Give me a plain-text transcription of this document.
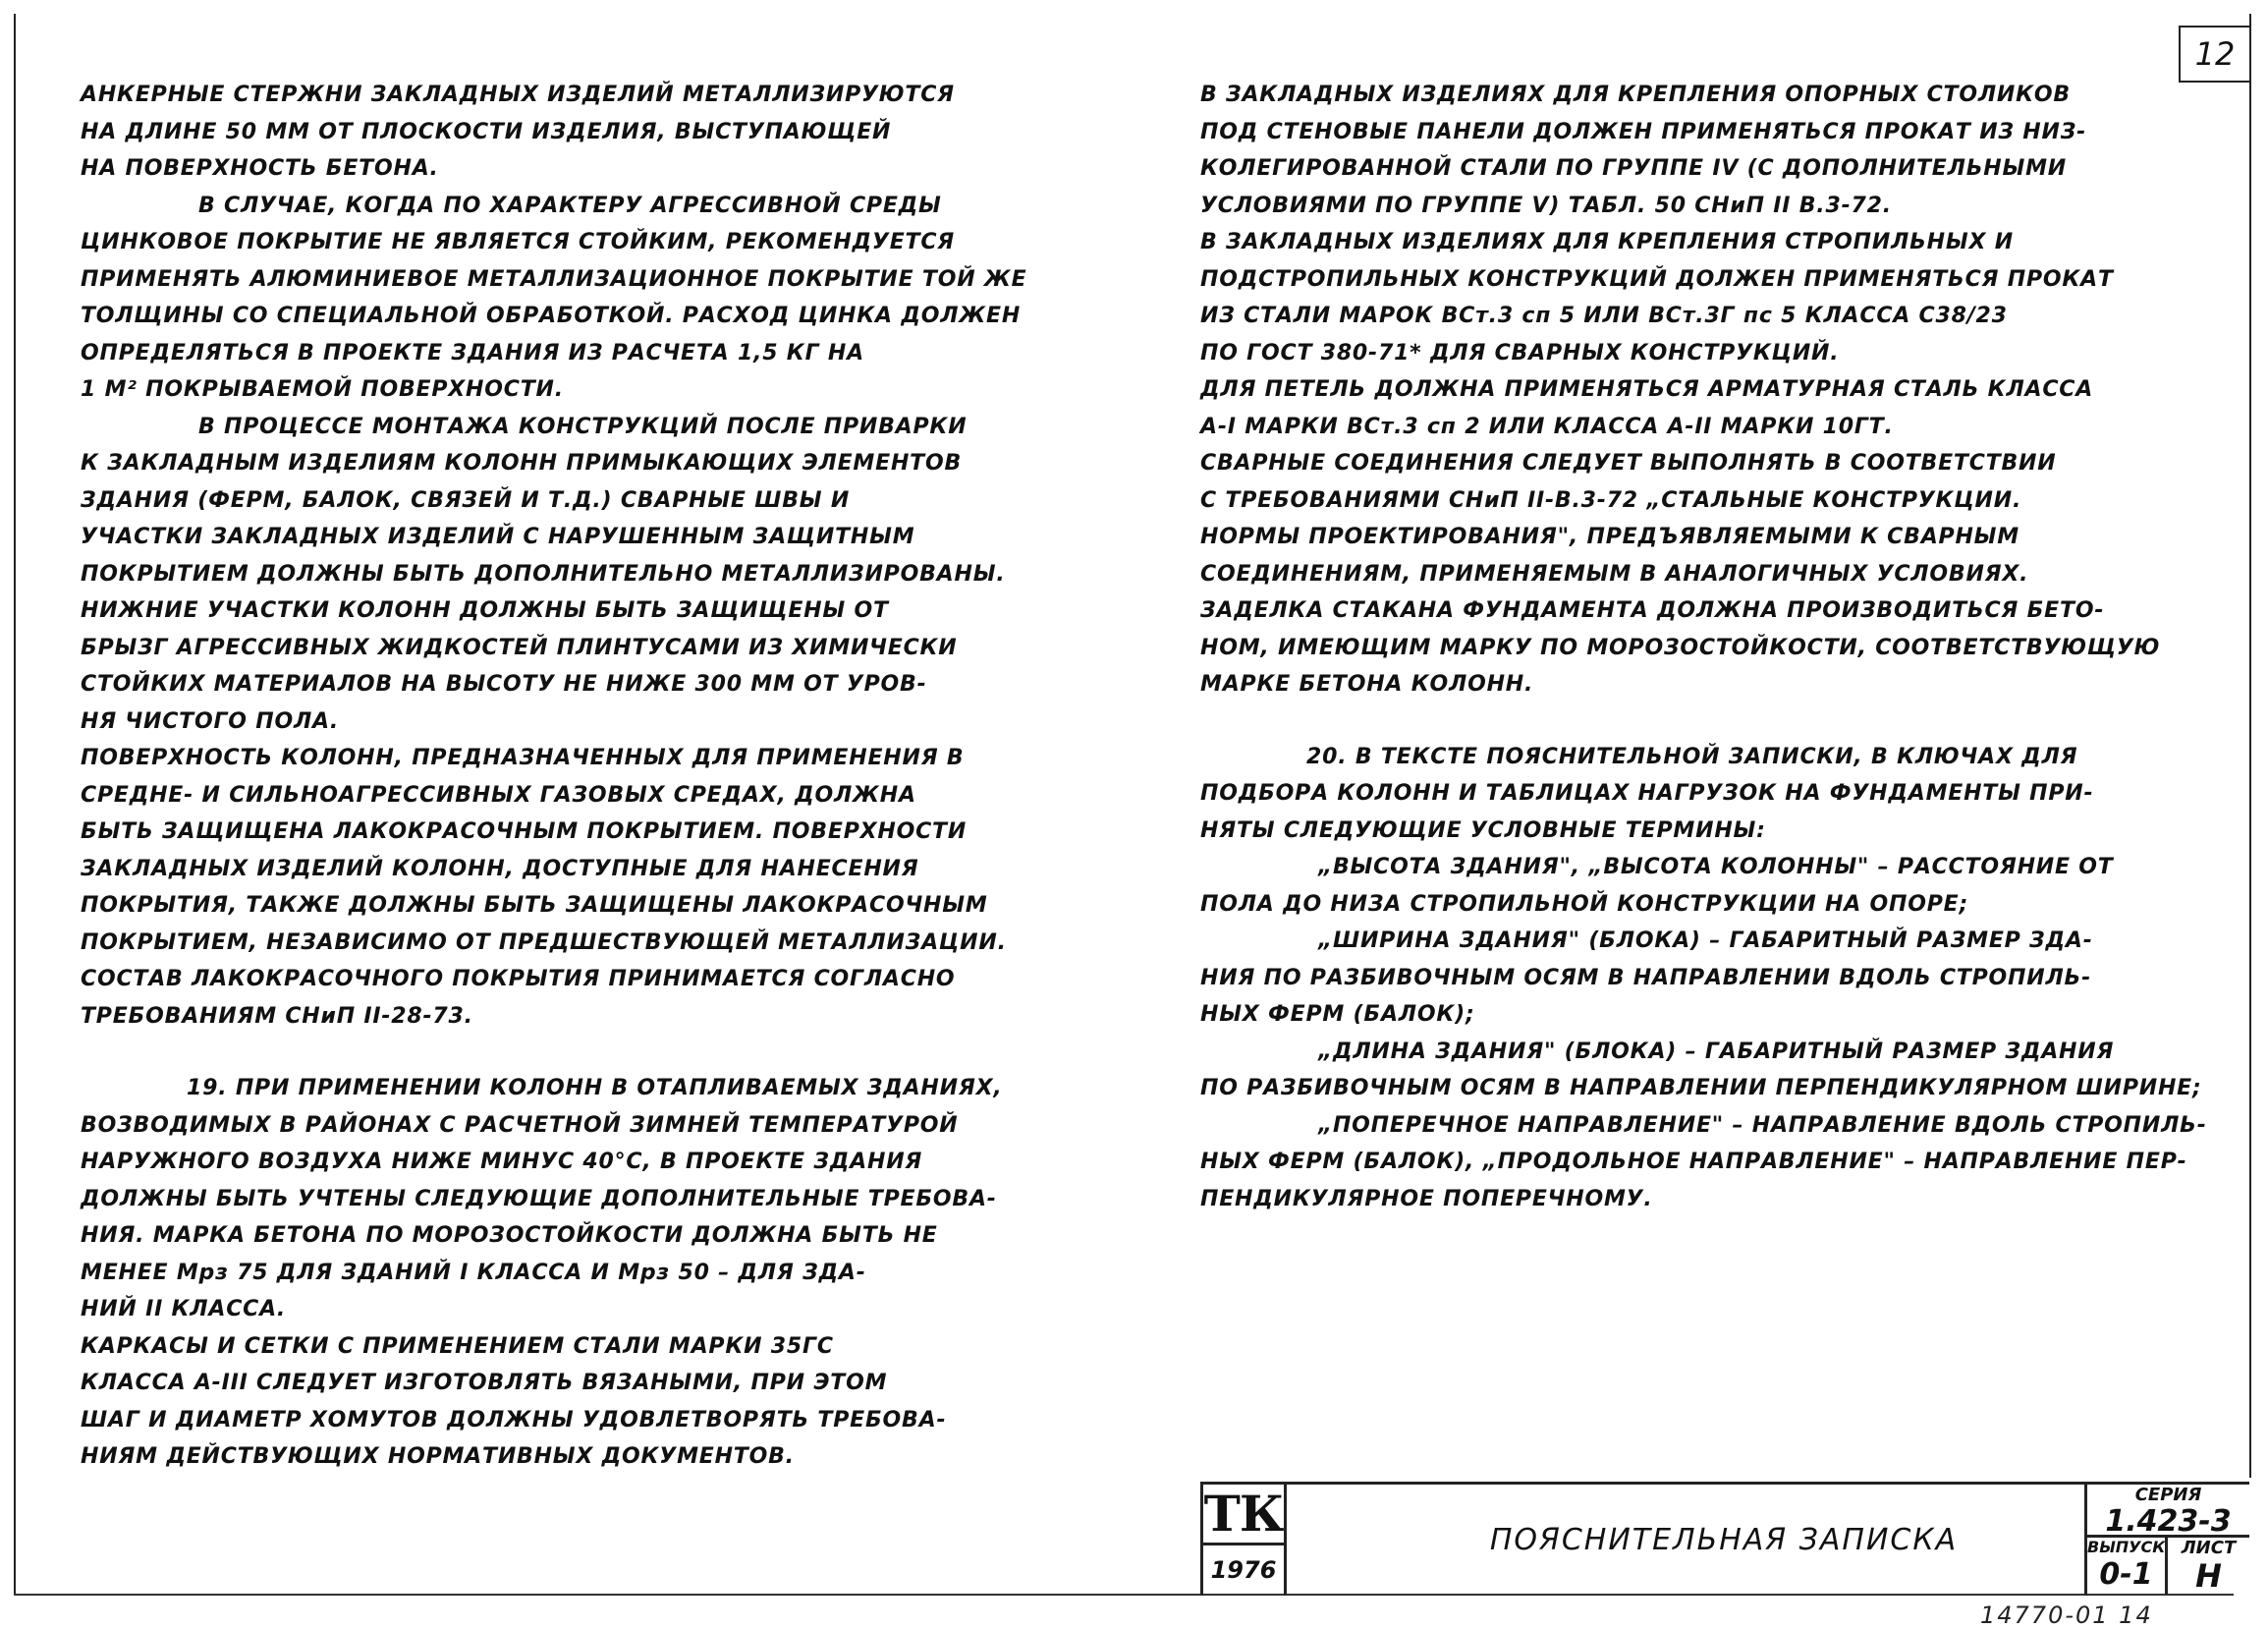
12
АНКЕРНЫЕ СТЕРЖНИ ЗАКЛАДНЫХ ИЗДЕЛИЙ МЕТАЛЛИЗИРУЮТСЯ
НА ДЛИНЕ 50 ММ ОТ ПЛОСКОСТИ ИЗДЕЛИЯ, ВЫСТУПАЮЩЕЙ
НА ПОВЕРХНОСТЬ БЕТОНА.
В СЛУЧАЕ, КОГДА ПО ХАРАКТЕРУ АГРЕССИВНОЙ СРЕДЫ
ЦИНКОВОЕ ПОКРЫТИЕ НЕ ЯВЛЯЕТСЯ СТОЙКИМ, РЕКОМЕНДУЕТСЯ
ПРИМЕНЯТЬ АЛЮМИНИЕВОЕ МЕТАЛЛИЗАЦИОННОЕ ПОКРЫТИЕ ТОЙ ЖЕ
ТОЛЩИНЫ СО СПЕЦИАЛЬНОЙ ОБРАБОТКОЙ. РАСХОД ЦИНКА ДОЛЖЕН
ОПРЕДЕЛЯТЬСЯ В ПРОЕКТЕ ЗДАНИЯ ИЗ РАСЧЕТА 1,5 КГ НА
1 М² ПОКРЫВАЕМОЙ ПОВЕРХНОСТИ.
В ПРОЦЕССЕ МОНТАЖА КОНСТРУКЦИЙ ПОСЛЕ ПРИВАРКИ
К ЗАКЛАДНЫМ ИЗДЕЛИЯМ КОЛОНН ПРИМЫКАЮЩИХ ЭЛЕМЕНТОВ
ЗДАНИЯ (ФЕРМ, БАЛОК, СВЯЗЕЙ И Т.Д.) СВАРНЫЕ ШВЫ И
УЧАСТКИ ЗАКЛАДНЫХ ИЗДЕЛИЙ С НАРУШЕННЫМ ЗАЩИТНЫМ
ПОКРЫТИЕМ ДОЛЖНЫ БЫТЬ ДОПОЛНИТЕЛЬНО МЕТАЛЛИЗИРОВАНЫ.
НИЖНИЕ УЧАСТКИ КОЛОНН ДОЛЖНЫ БЫТЬ ЗАЩИЩЕНЫ ОТ
БРЫЗГ АГРЕССИВНЫХ ЖИДКОСТЕЙ ПЛИНТУСАМИ ИЗ ХИМИЧЕСКИ
СТОЙКИХ МАТЕРИАЛОВ НА ВЫСОТУ НЕ НИЖЕ 300 ММ ОТ УРОВ-
НЯ ЧИСТОГО ПОЛА.
ПОВЕРХНОСТЬ КОЛОНН, ПРЕДНАЗНАЧЕННЫХ ДЛЯ ПРИМЕНЕНИЯ В
СРЕДНЕ- И СИЛЬНОАГРЕССИВНЫХ ГАЗОВЫХ СРЕДАХ, ДОЛЖНА
БЫТЬ ЗАЩИЩЕНА ЛАКОКРАСОЧНЫМ ПОКРЫТИЕМ. ПОВЕРХНОСТИ
ЗАКЛАДНЫХ ИЗДЕЛИЙ КОЛОНН, ДОСТУПНЫЕ ДЛЯ НАНЕСЕНИЯ
ПОКРЫТИЯ, ТАКЖЕ ДОЛЖНЫ БЫТЬ ЗАЩИЩЕНЫ ЛАКОКРАСОЧНЫМ
ПОКРЫТИЕМ, НЕЗАВИСИМО ОТ ПРЕДШЕСТВУЮЩЕЙ МЕТАЛЛИЗАЦИИ.
СОСТАВ ЛАКОКРАСОЧНОГО ПОКРЫТИЯ ПРИНИМАЕТСЯ СОГЛАСНО
ТРЕБОВАНИЯМ СНиП II-28-73.
19. ПРИ ПРИМЕНЕНИИ КОЛОНН В ОТАПЛИВАЕМЫХ ЗДАНИЯХ,
ВОЗВОДИМЫХ В РАЙОНАХ С РАСЧЕТНОЙ ЗИМНЕЙ ТЕМПЕРАТУРОЙ
НАРУЖНОГО ВОЗДУХА НИЖЕ МИНУС 40°С, В ПРОЕКТЕ ЗДАНИЯ
ДОЛЖНЫ БЫТЬ УЧТЕНЫ СЛЕДУЮЩИЕ ДОПОЛНИТЕЛЬНЫЕ ТРЕБОВА-
НИЯ. МАРКА БЕТОНА ПО МОРОЗОСТОЙКОСТИ ДОЛЖНА БЫТЬ НЕ
МЕНЕЕ Мрз 75 ДЛЯ ЗДАНИЙ I КЛАССА И Мрз 50 – ДЛЯ ЗДА-
НИЙ II КЛАССА.
КАРКАСЫ И СЕТКИ С ПРИМЕНЕНИЕМ СТАЛИ МАРКИ 35ГС
КЛАССА А-III СЛЕДУЕТ ИЗГОТОВЛЯТЬ ВЯЗАНЫМИ, ПРИ ЭТОМ
ШАГ И ДИАМЕТР ХОМУТОВ ДОЛЖНЫ УДОВЛЕТВОРЯТЬ ТРЕБОВА-
НИЯМ ДЕЙСТВУЮЩИХ НОРМАТИВНЫХ ДОКУМЕНТОВ.
В ЗАКЛАДНЫХ ИЗДЕЛИЯХ ДЛЯ КРЕПЛЕНИЯ ОПОРНЫХ СТОЛИКОВ
ПОД СТЕНОВЫЕ ПАНЕЛИ ДОЛЖЕН ПРИМЕНЯТЬСЯ ПРОКАТ ИЗ НИЗ-
КОЛЕГИРОВАННОЙ СТАЛИ ПО ГРУППЕ IV (С ДОПОЛНИТЕЛЬНЫМИ
УСЛОВИЯМИ ПО ГРУППЕ V) ТАБЛ. 50 СНиП II В.3-72.
В ЗАКЛАДНЫХ ИЗДЕЛИЯХ ДЛЯ КРЕПЛЕНИЯ СТРОПИЛЬНЫХ И
ПОДСТРОПИЛЬНЫХ КОНСТРУКЦИЙ ДОЛЖЕН ПРИМЕНЯТЬСЯ ПРОКАТ
ИЗ СТАЛИ МАРОК ВСт.3 сп 5 ИЛИ ВСт.3Г пс 5 КЛАССА С38/23
ПО ГОСТ 380-71* ДЛЯ СВАРНЫХ КОНСТРУКЦИЙ.
ДЛЯ ПЕТЕЛЬ ДОЛЖНА ПРИМЕНЯТЬСЯ АРМАТУРНАЯ СТАЛЬ КЛАССА
А-I МАРКИ ВСт.3 сп 2 ИЛИ КЛАССА А-II МАРКИ 10ГТ.
СВАРНЫЕ СОЕДИНЕНИЯ СЛЕДУЕТ ВЫПОЛНЯТЬ В СООТВЕТСТВИИ
С ТРЕБОВАНИЯМИ СНиП II-В.3-72 „СТАЛЬНЫЕ КОНСТРУКЦИИ.
НОРМЫ ПРОЕКТИРОВАНИЯ", ПРЕДЪЯВЛЯЕМЫМИ К СВАРНЫМ
СОЕДИНЕНИЯМ, ПРИМЕНЯЕМЫМ В АНАЛОГИЧНЫХ УСЛОВИЯХ.
ЗАДЕЛКА СТАКАНА ФУНДАМЕНТА ДОЛЖНА ПРОИЗВОДИТЬСЯ БЕТО-
НОМ, ИМЕЮЩИМ МАРКУ ПО МОРОЗОСТОЙКОСТИ, СООТВЕТСТВУЮЩУЮ
МАРКЕ БЕТОНА КОЛОНН.
20. В ТЕКСТЕ ПОЯСНИТЕЛЬНОЙ ЗАПИСКИ, В КЛЮЧАХ ДЛЯ
ПОДБОРА КОЛОНН И ТАБЛИЦАХ НАГРУЗОК НА ФУНДАМЕНТЫ ПРИ-
НЯТЫ СЛЕДУЮЩИЕ УСЛОВНЫЕ ТЕРМИНЫ:
„ВЫСОТА ЗДАНИЯ", „ВЫСОТА КОЛОННЫ" – РАССТОЯНИЕ ОТ
ПОЛА ДО НИЗА СТРОПИЛЬНОЙ КОНСТРУКЦИИ НА ОПОРЕ;
„ШИРИНА ЗДАНИЯ" (БЛОКА) – ГАБАРИТНЫЙ РАЗМЕР ЗДА-
НИЯ ПО РАЗБИВОЧНЫМ ОСЯМ В НАПРАВЛЕНИИ ВДОЛЬ СТРОПИЛЬ-
НЫХ ФЕРМ (БАЛОК);
„ДЛИНА ЗДАНИЯ" (БЛОКА) – ГАБАРИТНЫЙ РАЗМЕР ЗДАНИЯ
ПО РАЗБИВОЧНЫМ ОСЯМ В НАПРАВЛЕНИИ ПЕРПЕНДИКУЛЯРНОМ ШИРИНЕ;
„ПОПЕРЕЧНОЕ НАПРАВЛЕНИЕ" – НАПРАВЛЕНИЕ ВДОЛЬ СТРОПИЛЬ-
НЫХ ФЕРМ (БАЛОК), „ПРОДОЛЬНОЕ НАПРАВЛЕНИЕ" – НАПРАВЛЕНИЕ ПЕР-
ПЕНДИКУЛЯРНОЕ ПОПЕРЕЧНОМУ.
ТК
1976
ПОЯСНИТЕЛЬНАЯ ЗАПИСКА
СЕРИЯ
1.423-3
ВЫПУСК ЛИСТ
0-1	Н
14770-01 14
